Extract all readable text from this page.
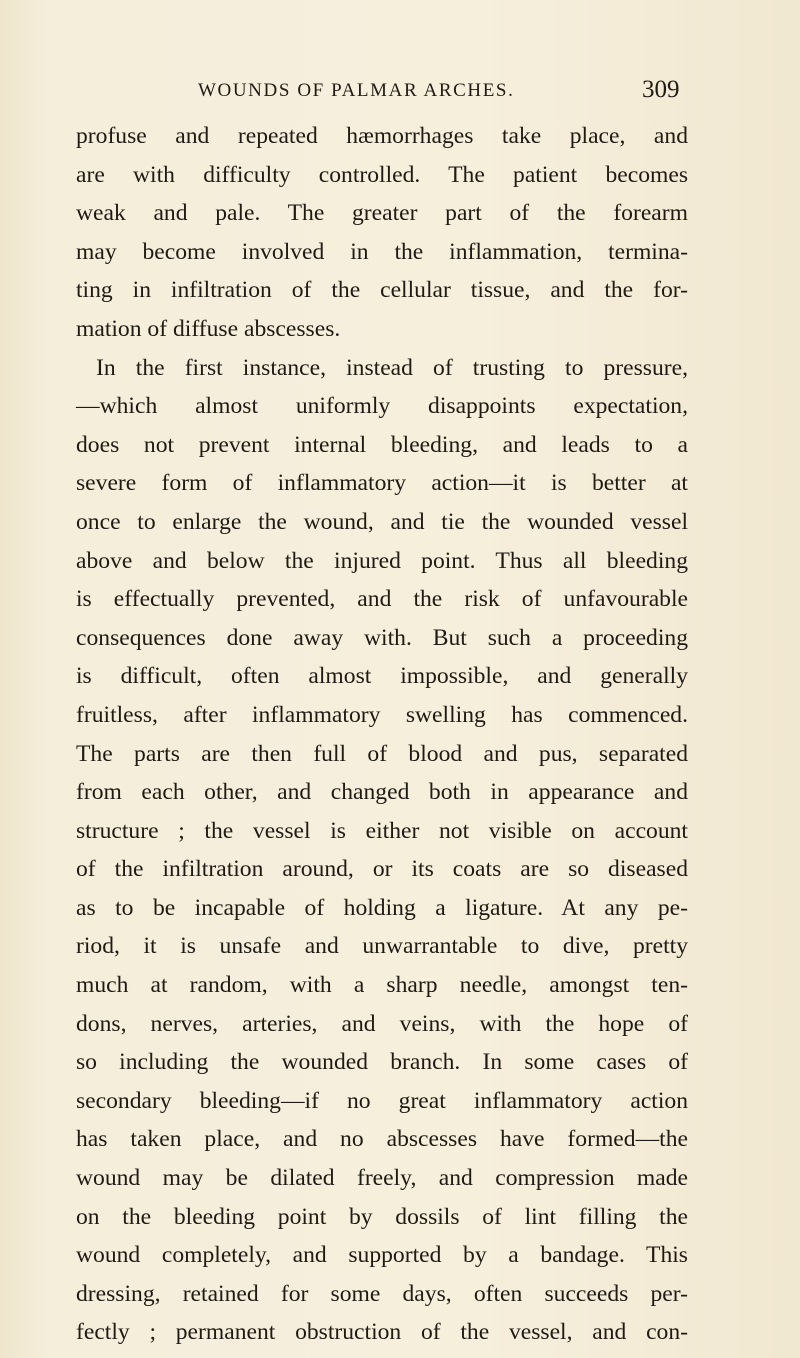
WOUNDS OF PALMAR ARCHES.	309
profuse and repeated hæmorrhages take place, and
are with difficulty controlled. The patient becomes
weak and pale. The greater part of the forearm
may become involved in the inflammation, termina-
ting in infiltration of the cellular tissue, and the for-
mation of diffuse abscesses.
In the first instance, instead of trusting to pressure,
—which almost uniformly disappoints expectation,
does not prevent internal bleeding, and leads to a
severe form of inflammatory action—it is better at
once to enlarge the wound, and tie the wounded vessel
above and below the injured point. Thus all bleeding
is effectually prevented, and the risk of unfavourable
consequences done away with. But such a proceeding
is difficult, often almost impossible, and generally
fruitless, after inflammatory swelling has commenced.
The parts are then full of blood and pus, separated
from each other, and changed both in appearance and
structure ; the vessel is either not visible on account
of the infiltration around, or its coats are so diseased
as to be incapable of holding a ligature. At any pe-
riod, it is unsafe and unwarrantable to dive, pretty
much at random, with a sharp needle, amongst ten-
dons, nerves, arteries, and veins, with the hope of
so including the wounded branch. In some cases of
secondary bleeding—if no great inflammatory action
has taken place, and no abscesses have formed—the
wound may be dilated freely, and compression made
on the bleeding point by dossils of lint filling the
wound completely, and supported by a bandage. This
dressing, retained for some days, often succeeds per-
fectly ; permanent obstruction of the vessel, and con-
